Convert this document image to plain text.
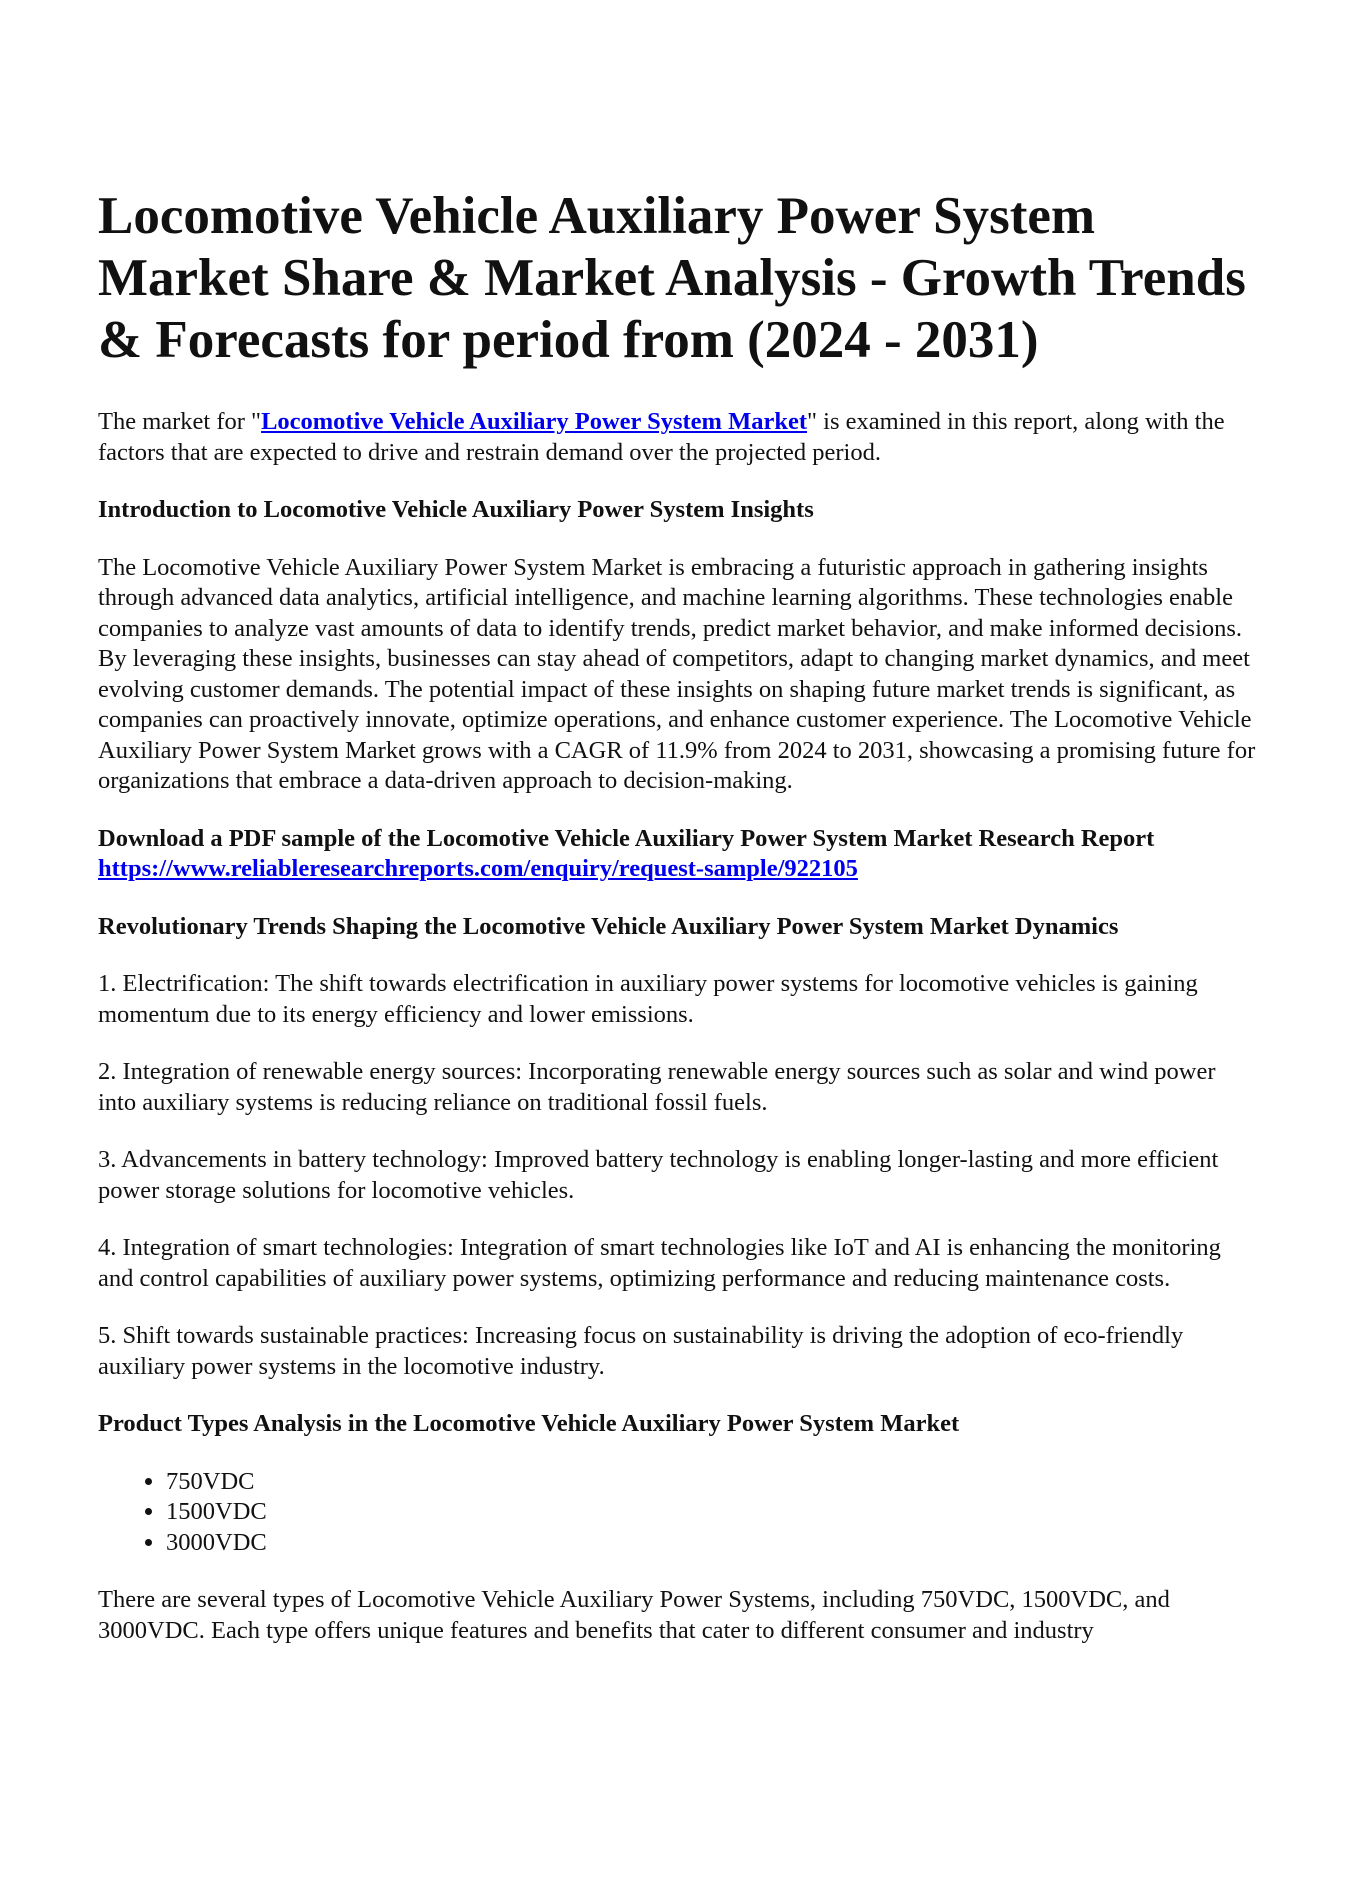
Locomotive Vehicle Auxiliary Power System Market Share & Market Analysis - Growth Trends & Forecasts for period from (2024 - 2031)

The market for "Locomotive Vehicle Auxiliary Power System Market" is examined in this report, along with the factors that are expected to drive and restrain demand over the projected period.

Introduction to Locomotive Vehicle Auxiliary Power System Insights

The Locomotive Vehicle Auxiliary Power System Market is embracing a futuristic approach in gathering insights through advanced data analytics, artificial intelligence, and machine learning algorithms. These technologies enable companies to analyze vast amounts of data to identify trends, predict market behavior, and make informed decisions. By leveraging these insights, businesses can stay ahead of competitors, adapt to changing market dynamics, and meet evolving customer demands. The potential impact of these insights on shaping future market trends is significant, as companies can proactively innovate, optimize operations, and enhance customer experience. The Locomotive Vehicle Auxiliary Power System Market grows with a CAGR of 11.9% from 2024 to 2031, showcasing a promising future for organizations that embrace a data-driven approach to decision-making.

Download a PDF sample of the Locomotive Vehicle Auxiliary Power System Market Research Report https://www.reliableresearchreports.com/enquiry/request-sample/922105

Revolutionary Trends Shaping the Locomotive Vehicle Auxiliary Power System Market Dynamics

1. Electrification: The shift towards electrification in auxiliary power systems for locomotive vehicles is gaining momentum due to its energy efficiency and lower emissions.

2. Integration of renewable energy sources: Incorporating renewable energy sources such as solar and wind power into auxiliary systems is reducing reliance on traditional fossil fuels.

3. Advancements in battery technology: Improved battery technology is enabling longer-lasting and more efficient power storage solutions for locomotive vehicles.

4. Integration of smart technologies: Integration of smart technologies like IoT and AI is enhancing the monitoring and control capabilities of auxiliary power systems, optimizing performance and reducing maintenance costs.

5. Shift towards sustainable practices: Increasing focus on sustainability is driving the adoption of eco-friendly auxiliary power systems in the locomotive industry.

Product Types Analysis in the Locomotive Vehicle Auxiliary Power System Market

• 750VDC
• 1500VDC
• 3000VDC

There are several types of Locomotive Vehicle Auxiliary Power Systems, including 750VDC, 1500VDC, and 3000VDC. Each type offers unique features and benefits that cater to different consumer and industry
